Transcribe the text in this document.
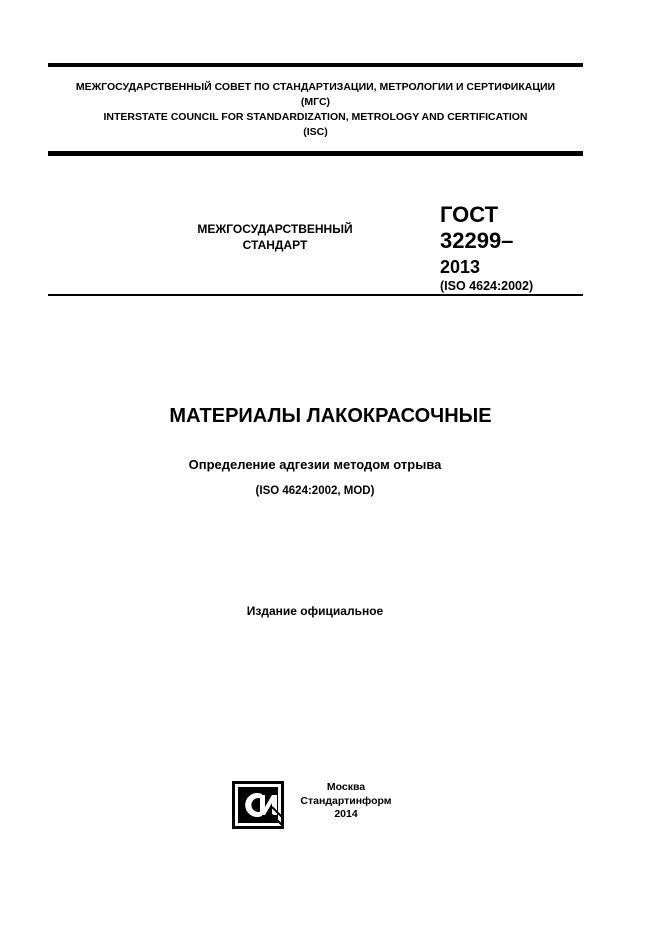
МЕЖГОСУДАРСТВЕННЫЙ СОВЕТ ПО СТАНДАРТИЗАЦИИ, МЕТРОЛОГИИ И СЕРТИФИКАЦИИ
(МГС)
INTERSTATE COUNCIL FOR STANDARDIZATION, METROLOGY AND CERTIFICATION
(ISC)
МЕЖГОСУДАРСТВЕННЫЙ
СТАНДАРТ
ГОСТ
32299–
2013
(ISO 4624:2002)
МАТЕРИАЛЫ ЛАКОКРАСОЧНЫЕ
Определение адгезии методом отрыва
(ISO 4624:2002, MOD)
Издание официальное
Москва
Стандартинформ
2014
